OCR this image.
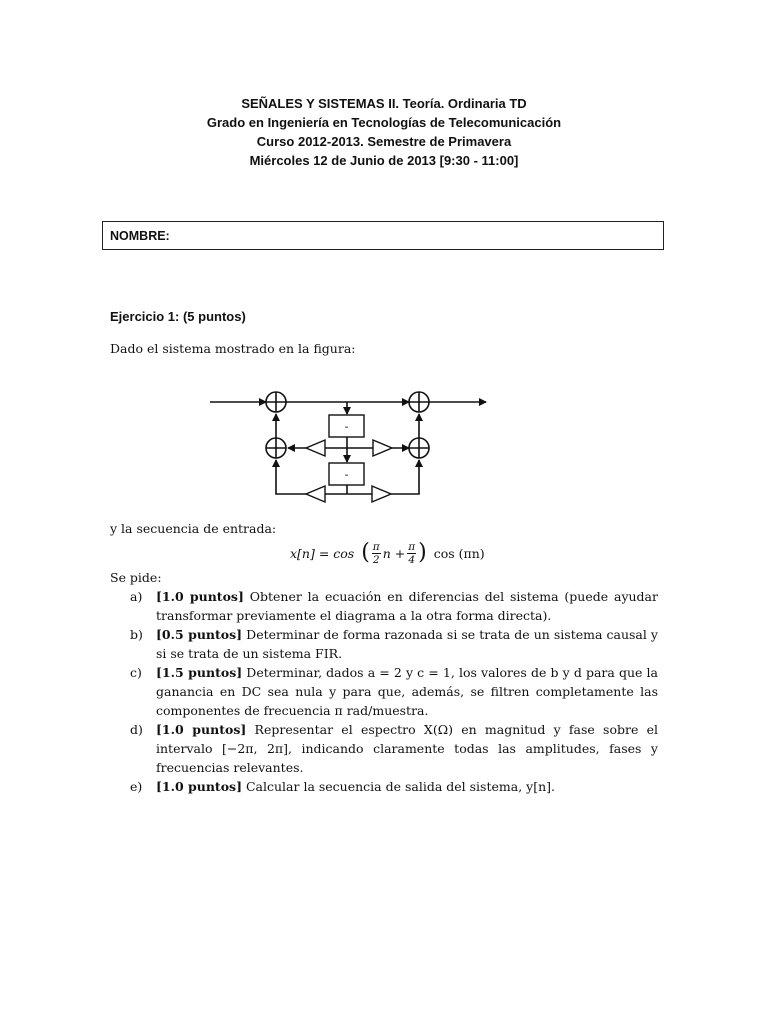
SEÑALES Y SISTEMAS II. Teoría. Ordinaria TD
Grado en Ingeniería en Tecnologías de Telecomunicación
Curso 2012-2013. Semestre de Primavera
Miércoles 12 de Junio de 2013 [9:30 - 11:00]
NOMBRE:
Ejercicio 1: (5 puntos)
Dado el sistema mostrado en la figura:
-
-
y la secuencia de entrada:
x[n] = cos ( $\frac{\pi}{2}$ $n + \frac{\pi}{4}$ ) cos (πn)
Se pide:
a)	[1.0 puntos] Obtener la ecuación en diferencias del sistema (puede ayudar transformar previamente el diagrama a la otra forma directa).
b)	[0.5 puntos] Determinar de forma razonada si se trata de un sistema causal y si se trata de un sistema FIR.
c)	[1.5 puntos] Determinar, dados a = 2 y c = 1, los valores de b y d para que la ganancia en DC sea nula y para que, además, se filtren completamente las componentes de frecuencia π rad/muestra.
d)	[1.0 puntos] Representar el espectro X(Ω) en magnitud y fase sobre el intervalo [−2π, 2π], indicando claramente todas las amplitudes, fases y frecuencias relevantes.
e)	[1.0 puntos] Calcular la secuencia de salida del sistema, y[n].
